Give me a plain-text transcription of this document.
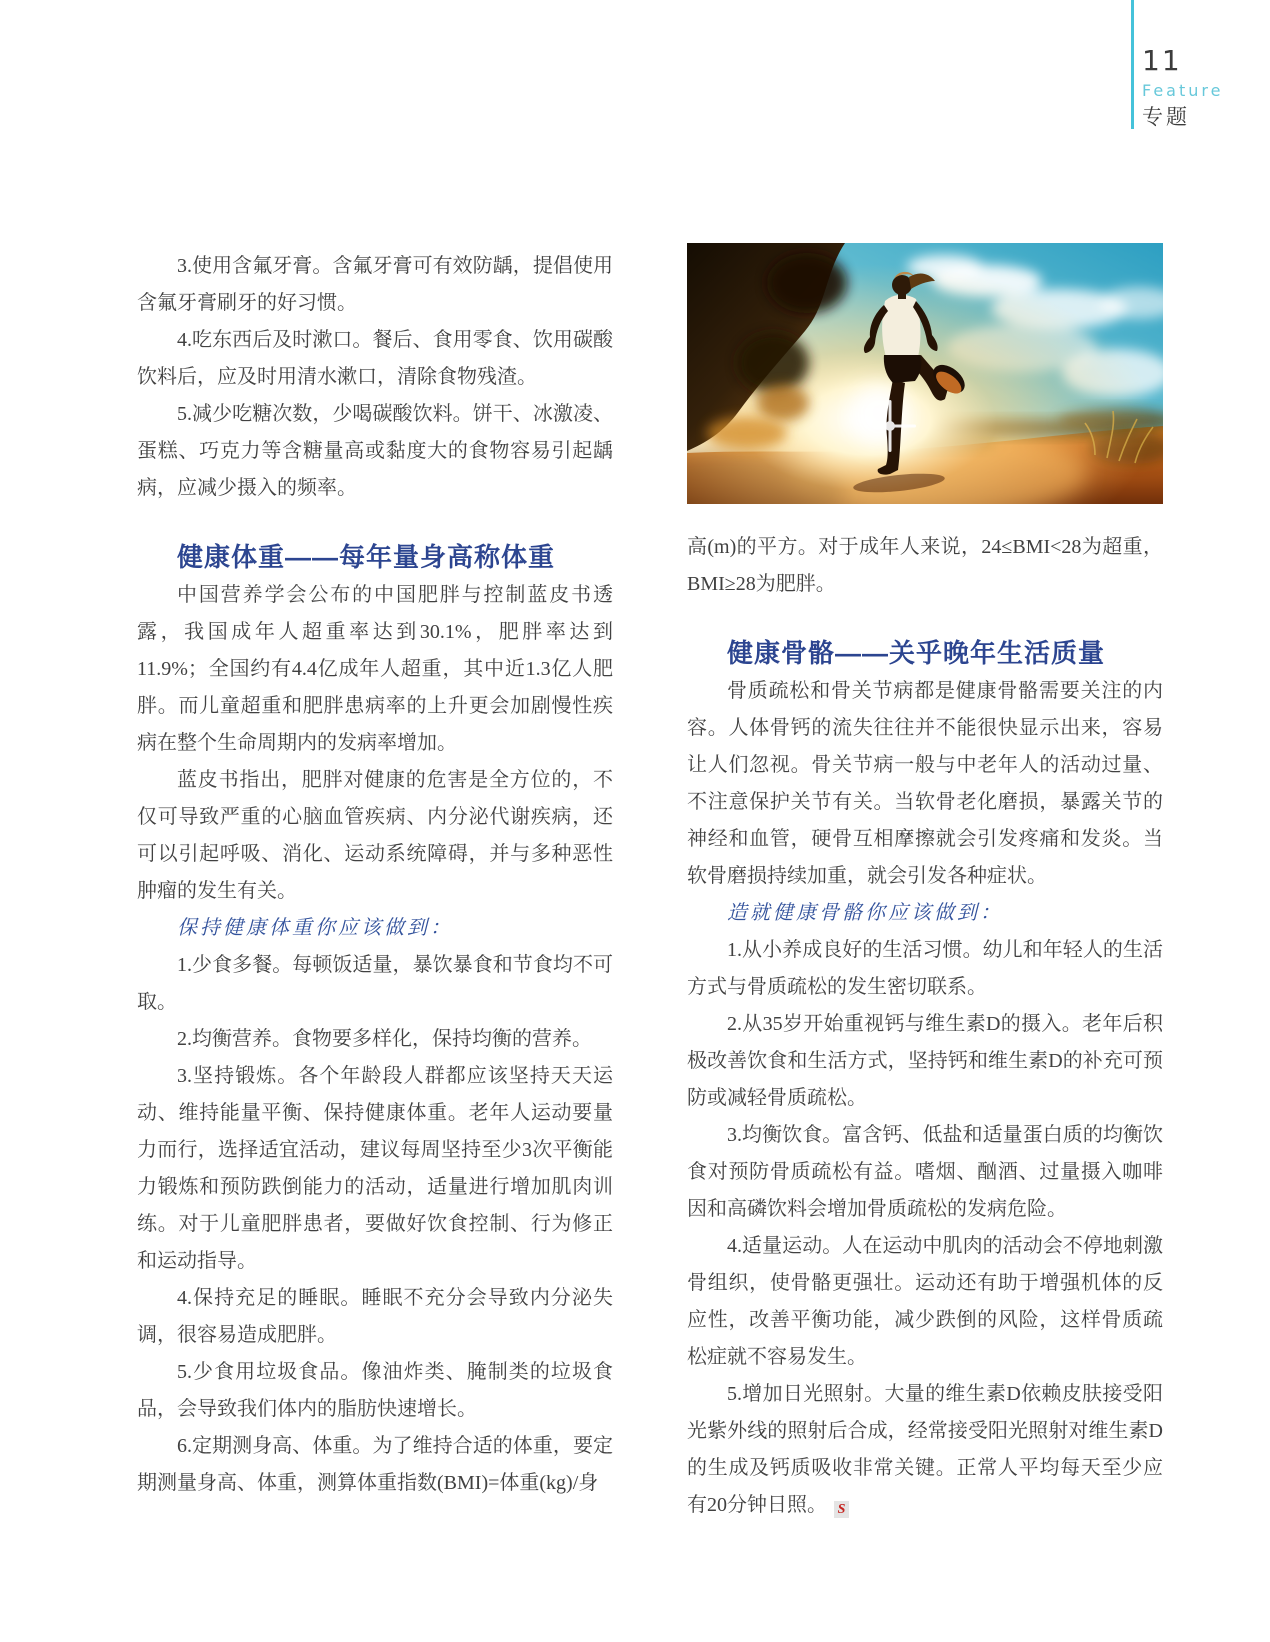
11
Feature
专题

3.使用含氟牙膏。含氟牙膏可有效防龋，提倡使用含氟牙膏刷牙的好习惯。

4.吃东西后及时漱口。餐后、食用零食、饮用碳酸饮料后，应及时用清水漱口，清除食物残渣。

5.减少吃糖次数，少喝碳酸饮料。饼干、冰激凌、蛋糕、巧克力等含糖量高或黏度大的食物容易引起龋病，应减少摄入的频率。

健康体重——每年量身高称体重

中国营养学会公布的中国肥胖与控制蓝皮书透露，我国成年人超重率达到30.1%，肥胖率达到11.9%；全国约有4.4亿成年人超重，其中近1.3亿人肥胖。而儿童超重和肥胖患病率的上升更会加剧慢性疾病在整个生命周期内的发病率增加。

蓝皮书指出，肥胖对健康的危害是全方位的，不仅可导致严重的心脑血管疾病、内分泌代谢疾病，还可以引起呼吸、消化、运动系统障碍，并与多种恶性肿瘤的发生有关。

保持健康体重你应该做到：

1.少食多餐。每顿饭适量，暴饮暴食和节食均不可取。

2.均衡营养。食物要多样化，保持均衡的营养。

3.坚持锻炼。各个年龄段人群都应该坚持天天运动、维持能量平衡、保持健康体重。老年人运动要量力而行，选择适宜活动，建议每周坚持至少3次平衡能力锻炼和预防跌倒能力的活动，适量进行增加肌肉训练。对于儿童肥胖患者，要做好饮食控制、行为修正和运动指导。

4.保持充足的睡眠。睡眠不充分会导致内分泌失调，很容易造成肥胖。

5.少食用垃圾食品。像油炸类、腌制类的垃圾食品，会导致我们体内的脂肪快速增长。

6.定期测身高、体重。为了维持合适的体重，要定期测量身高、体重，测算体重指数(BMI)=体重(kg)/身

高(m)的平方。对于成年人来说，24≤BMI<28为超重，BMI≥28为肥胖。

健康骨骼——关乎晚年生活质量

骨质疏松和骨关节病都是健康骨骼需要关注的内容。人体骨钙的流失往往并不能很快显示出来，容易让人们忽视。骨关节病一般与中老年人的活动过量、不注意保护关节有关。当软骨老化磨损，暴露关节的神经和血管，硬骨互相摩擦就会引发疼痛和发炎。当软骨磨损持续加重，就会引发各种症状。

造就健康骨骼你应该做到：

1.从小养成良好的生活习惯。幼儿和年轻人的生活方式与骨质疏松的发生密切联系。

2.从35岁开始重视钙与维生素D的摄入。老年后积极改善饮食和生活方式，坚持钙和维生素D的补充可预防或减轻骨质疏松。

3.均衡饮食。富含钙、低盐和适量蛋白质的均衡饮食对预防骨质疏松有益。嗜烟、酗酒、过量摄入咖啡因和高磷饮料会增加骨质疏松的发病危险。

4.适量运动。人在运动中肌肉的活动会不停地刺激骨组织，使骨骼更强壮。运动还有助于增强机体的反应性，改善平衡功能，减少跌倒的风险，这样骨质疏松症就不容易发生。

5.增加日光照射。大量的维生素D依赖皮肤接受阳光紫外线的照射后合成，经常接受阳光照射对维生素D的生成及钙质吸收非常关键。正常人平均每天至少应有20分钟日照。 S
